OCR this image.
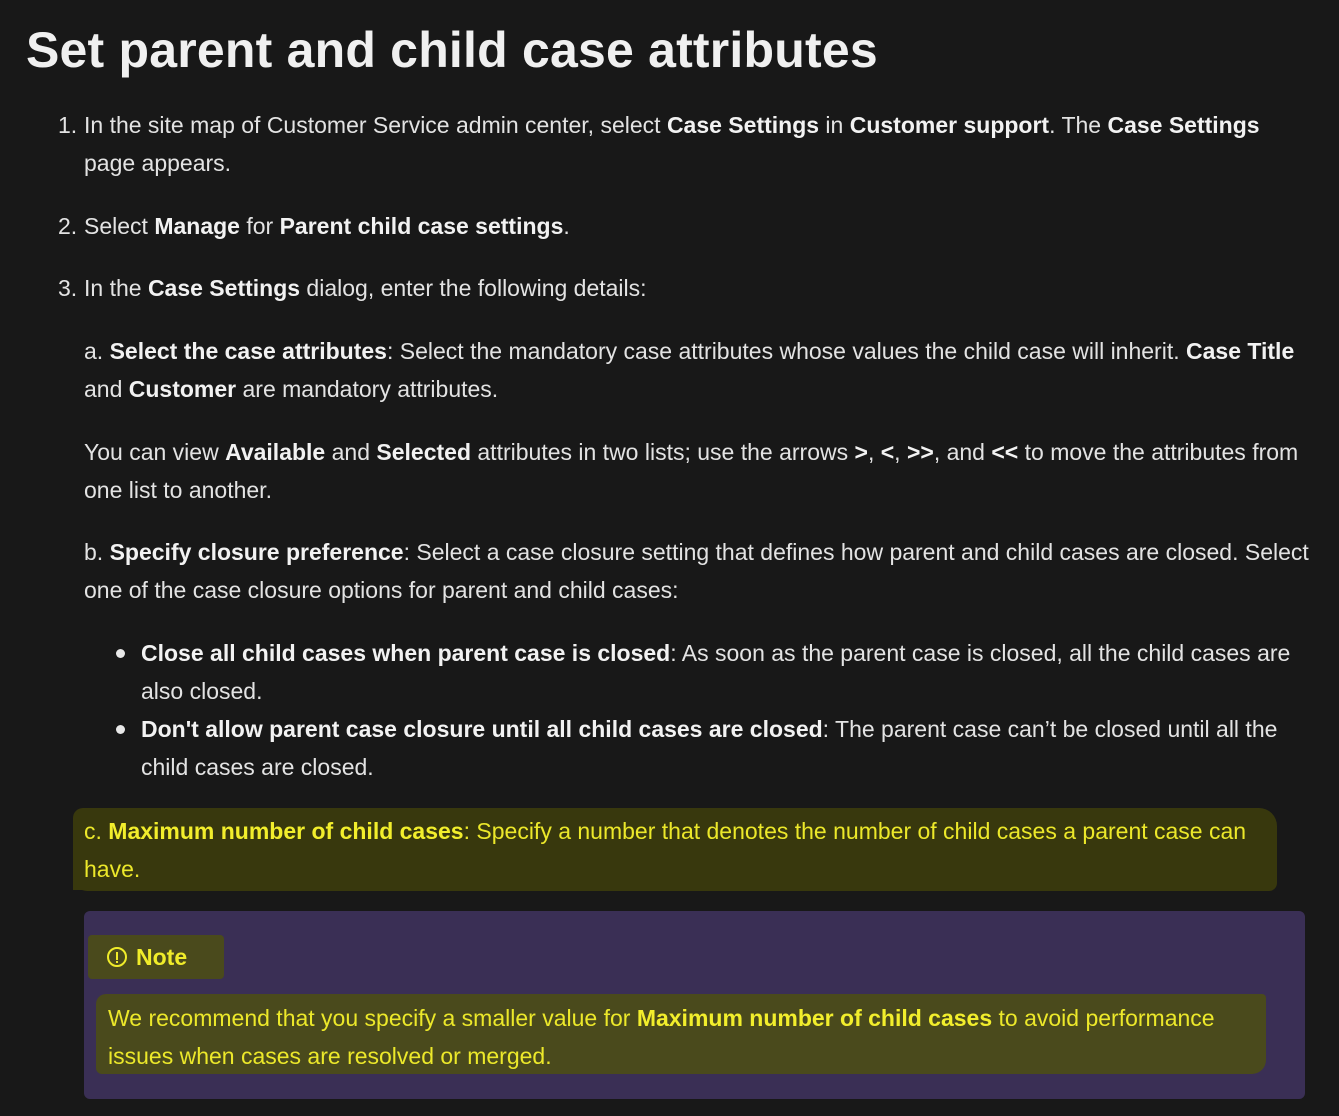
Set parent and child case attributes
1. In the site map of Customer Service admin center, select Case Settings in Customer support. The Case Settings page appears.
2. Select Manage for Parent child case settings.
3. In the Case Settings dialog, enter the following details:
a. Select the case attributes: Select the mandatory case attributes whose values the child case will inherit. Case Title and Customer are mandatory attributes.
You can view Available and Selected attributes in two lists; use the arrows >, <, >>, and << to move the attributes from one list to another.
b. Specify closure preference: Select a case closure setting that defines how parent and child cases are closed. Select one of the case closure options for parent and child cases:
Close all child cases when parent case is closed: As soon as the parent case is closed, all the child cases are also closed.
Don't allow parent case closure until all child cases are closed: The parent case can’t be closed until all the child cases are closed.
c. Maximum number of child cases: Specify a number that denotes the number of child cases a parent case can have.
Note
We recommend that you specify a smaller value for Maximum number of child cases to avoid performance issues when cases are resolved or merged.
